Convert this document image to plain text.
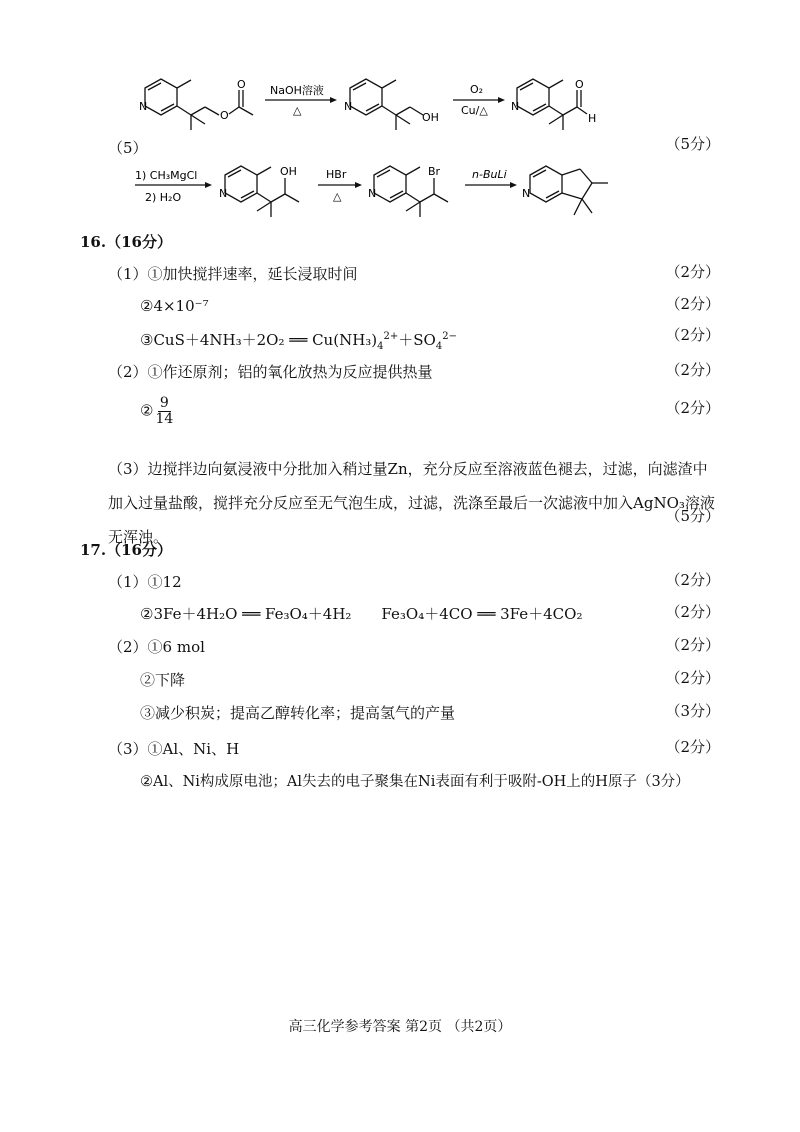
N
O
O NaOH溶液
△	N
OH
O₂
Cu/△ N
O
H
（5）	（5分）
1) CH₃MgCl
2) H₂O	N
OH	HBr
△ N
Br	n-BuLi
N
16.（16分）
（1）①加快搅拌速率，延长浸取时间	（2分）
②4×10⁻⁷	（2分）
③CuS＋4NH₃＋2O₂ ══ $Cu(NH_3)_4^{2+}+SO_4^{2-}$	（2分）
（2）①作还原剂；铝的氧化放热为反应提供热量	（2分）
② $\frac{9}{14}$	（2分）
（3）边搅拌边向氨浸液中分批加入稍过量Zn，充分反应至溶液蓝色褪去，过滤，向滤渣中加入过量盐酸，搅拌充分反应至无气泡生成，过滤，洗涤至最后一次滤液中加入AgNO₃溶液无浑浊。
（5分）
17.（16分）
（1）①12	（2分）
②3Fe＋4H₂O ══ Fe₃O₄＋4H₂　　Fe₃O₄＋4CO ══ 3Fe＋4CO₂	（2分）
（2）①6 mol	（2分）
②下降	（2分）
③减少积炭；提高乙醇转化率；提高氢气的产量	（3分）
（3）①Al、Ni、H	（2分）
②Al、Ni构成原电池；Al失去的电子聚集在Ni表面有利于吸附-OH上的H原子（3分）
高三化学参考答案 第2页 （共2页）
